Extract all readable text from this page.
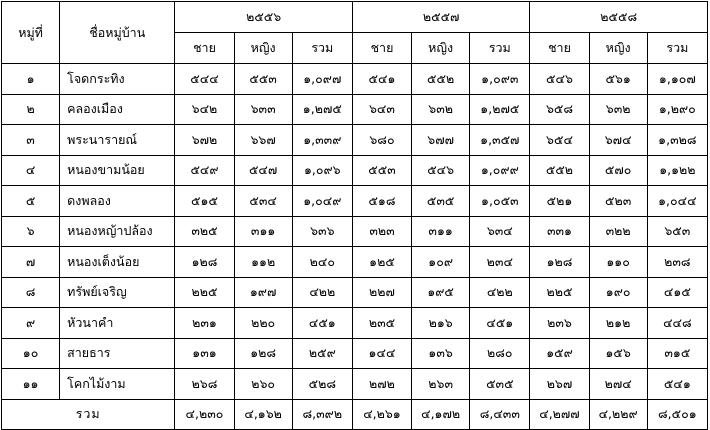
หมู่ที่	ชื่อหมู่บ้าน	๒๕๕๖			๒๕๕๗			๒๕๕๘		
		ชาย	หญิง	รวม	ชาย	หญิง	รวม	ชาย	หญิง	รวม
๑	โจดกระทิง	๕๔๔	๕๕๓	๑,๐๙๗	๕๔๑	๕๕๒	๑,๐๙๓	๕๔๖	๕๖๑	๑,๑๐๗
๒	คลองเมือง	๖๔๒	๖๓๓	๑,๒๗๕	๖๔๓	๖๓๒	๑,๒๗๕	๖๕๘	๖๓๒	๑,๒๙๐
๓	พระนารายณ์	๖๗๒	๖๖๗	๑,๓๓๙	๖๘๐	๖๗๗	๑,๓๕๗	๖๕๔	๖๗๔	๑,๓๒๘
๔	หนองขามน้อย	๕๔๙	๕๔๗	๑,๐๙๖	๕๕๓	๕๔๖	๑,๐๙๙	๕๕๒	๕๗๐	๑,๑๒๒
๕	ดงพลอง	๕๑๕	๕๓๔	๑,๐๔๙	๕๑๘	๕๓๕	๑,๐๕๓	๕๒๑	๕๒๓	๑,๐๔๔
๖	หนองหญ้าปล้อง	๓๒๕	๓๑๑	๖๓๖	๓๒๓	๓๑๑	๖๓๔	๓๓๑	๓๒๒	๖๕๓
๗	หนองเต็งน้อย	๑๒๘	๑๑๒	๒๔๐	๑๒๕	๑๐๙	๒๓๔	๑๒๘	๑๑๐	๒๓๘
๘	ทรัพย์เจริญ	๒๒๕	๑๙๗	๔๒๒	๒๒๗	๑๙๕	๔๒๒	๒๒๕	๑๙๐	๔๑๕
๙	หัวนาคำ	๒๓๑	๒๒๐	๔๕๑	๒๓๕	๒๑๖	๔๕๑	๒๓๖	๒๑๒	๔๔๘
๑๐	สายธาร	๑๓๑	๑๒๘	๒๕๙	๑๔๔	๑๓๖	๒๘๐	๑๕๙	๑๕๖	๓๑๕
๑๑	โคกไม้งาม	๒๖๘	๒๖๐	๕๒๘	๒๗๒	๒๖๓	๕๓๕	๒๖๗	๒๗๔	๕๔๑
รวม		๔,๒๓๐	๔,๑๖๒	๘,๓๙๒	๔,๒๖๑	๔,๑๗๒	๘,๔๓๓	๔,๒๗๗	๔,๒๒๙	๘,๕๐๑
